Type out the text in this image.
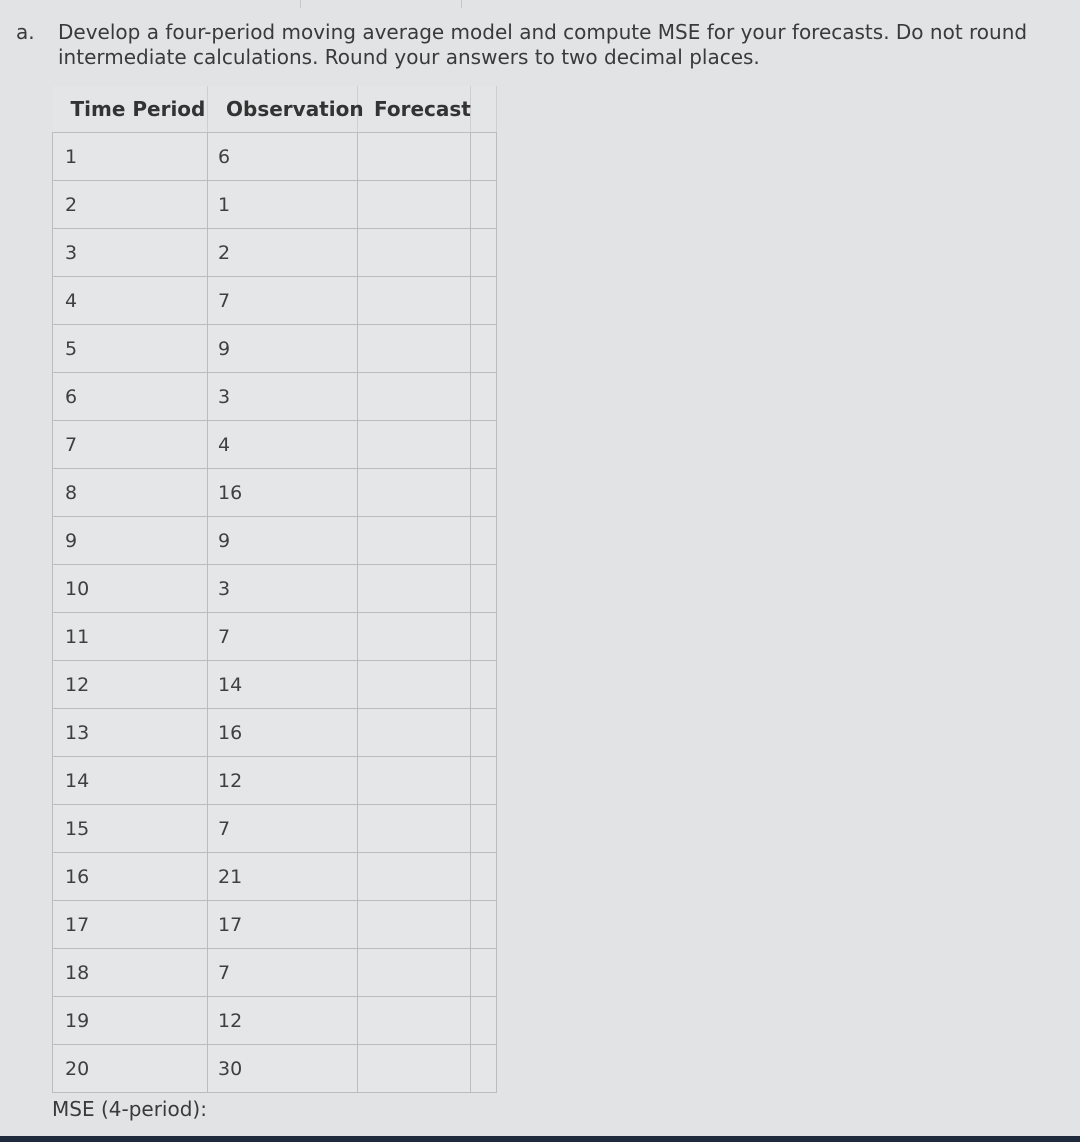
a.	Develop a four-period moving average model and compute MSE for your forecasts. Do not round
intermediate calculations. Round your answers to two decimal places.
Time Period	Observation	Forecast	
1	6		
2	1		
3	2		
4	7		
5	9		
6	3		
7	4		
8	16		
9	9		
10	3		
11	7		
12	14		
13	16		
14	12		
15	7		
16	21		
17	17		
18	7		
19	12		
20	30		
MSE (4-period):
